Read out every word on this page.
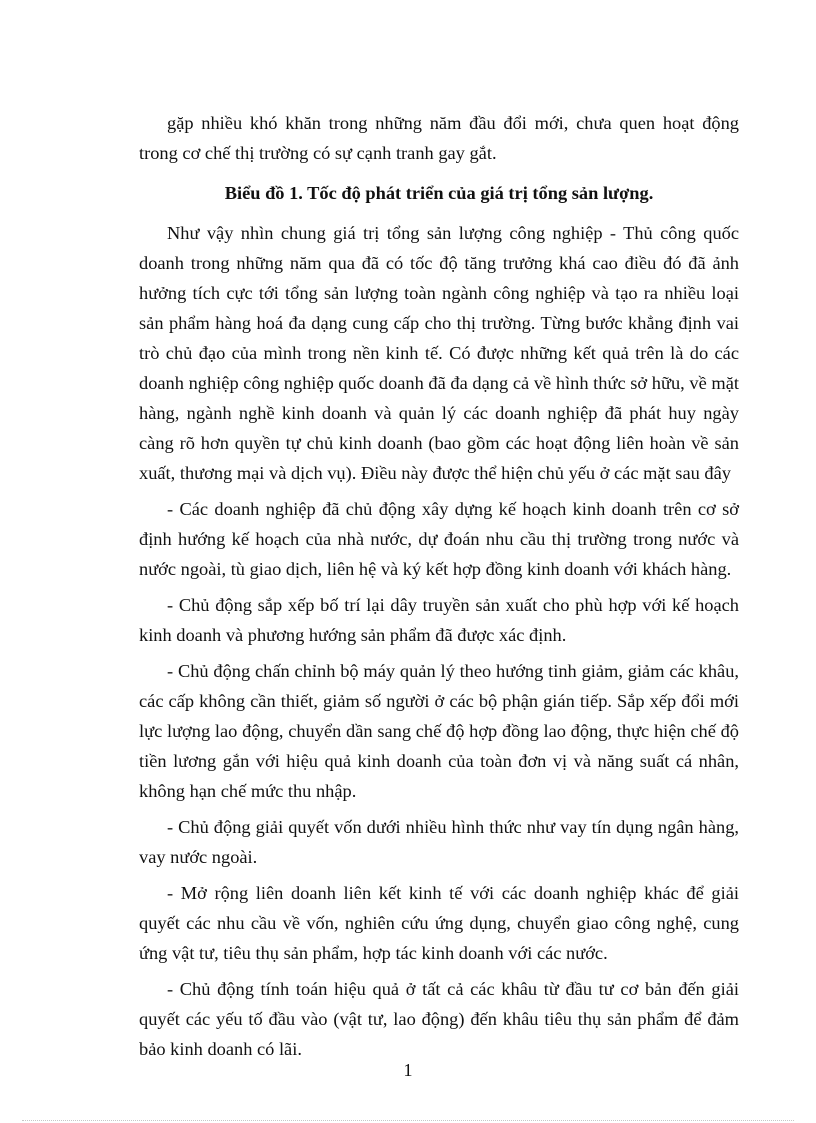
gặp nhiều khó khăn trong những năm đầu đổi mới, chưa quen hoạt động trong cơ chế thị trường có sự cạnh tranh gay gắt.

Biểu đồ 1. Tốc độ phát triển của giá trị tổng sản lượng.

Như vậy nhìn chung giá trị tổng sản lượng công nghiệp - Thủ công quốc doanh trong những năm qua đã có tốc độ tăng trưởng khá cao điều đó đã ảnh hưởng tích cực tới tổng sản lượng toàn ngành công nghiệp và tạo ra nhiều loại sản phẩm hàng hoá đa dạng cung cấp cho thị trường. Từng bước khẳng định vai trò chủ đạo của mình trong nền kinh tế. Có được những kết quả trên là do các doanh nghiệp công nghiệp quốc doanh đã đa dạng cả về hình thức sở hữu, về mặt hàng, ngành nghề kinh doanh và quản lý các doanh nghiệp đã phát huy ngày càng rõ hơn quyền tự chủ kinh doanh (bao gồm các hoạt động liên hoàn về sản xuất, thương mại và dịch vụ). Điều này được thể hiện chủ yếu ở các mặt sau đây

- Các doanh nghiệp đã chủ động xây dựng kế hoạch kinh doanh trên cơ sở định hướng kế hoạch của nhà nước, dự đoán nhu cầu thị trường trong nước và nước ngoài, tù giao dịch, liên hệ và ký kết hợp đồng kinh doanh với khách hàng.

- Chủ động sắp xếp bố trí lại dây truyền sản xuất cho phù hợp với kế hoạch kinh doanh và phương hướng sản phẩm đã được xác định.

- Chủ động chấn chỉnh bộ máy quản lý theo hướng tinh giảm, giảm các khâu, các cấp không cần thiết, giảm số người ở các bộ phận gián tiếp. Sắp xếp đổi mới lực lượng lao động, chuyển dần sang chế độ hợp đồng lao động, thực hiện chế độ tiền lương gắn với hiệu quả kinh doanh của toàn đơn vị và năng suất cá nhân, không hạn chế mức thu nhập.

- Chủ động giải quyết vốn dưới nhiều hình thức như vay tín dụng ngân hàng, vay nước ngoài.

- Mở rộng liên doanh liên kết kinh tế với các doanh nghiệp khác để giải quyết các nhu cầu về vốn, nghiên cứu ứng dụng, chuyển giao công nghệ, cung ứng vật tư, tiêu thụ sản phẩm, hợp tác kinh doanh với các nước.

- Chủ động tính toán hiệu quả ở tất cả các khâu từ đầu tư cơ bản đến giải quyết các yếu tố đầu vào (vật tư, lao động) đến khâu tiêu thụ sản phẩm để đảm bảo kinh doanh có lãi.

1
